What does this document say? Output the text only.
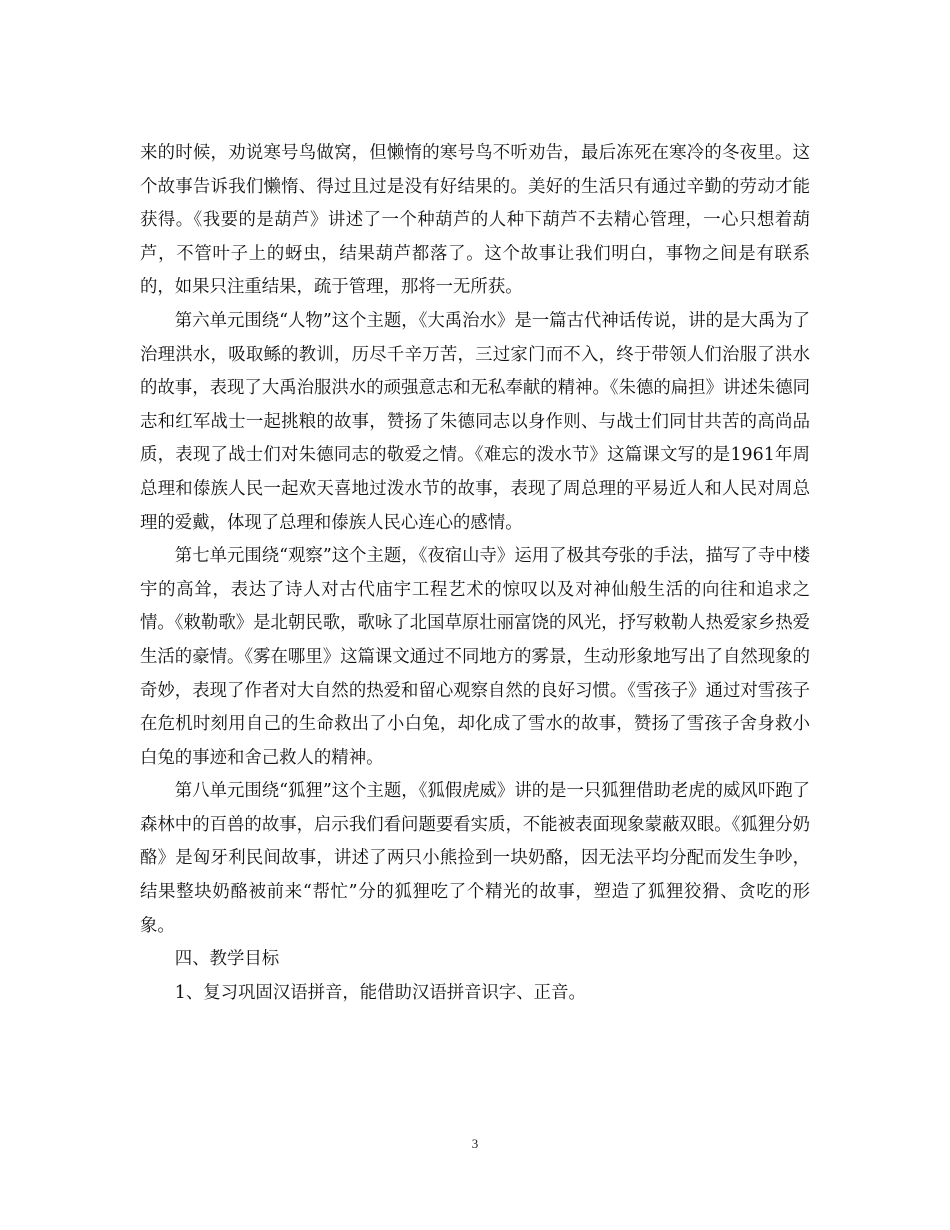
来的时候，劝说寒号鸟做窝，但懒惰的寒号鸟不听劝告，最后冻死在寒冷的冬夜里。这个故事告诉我们懒惰、得过且过是没有好结果的。美好的生活只有通过辛勤的劳动才能获得。《我要的是葫芦》讲述了一个种葫芦的人种下葫芦不去精心管理，一心只想着葫芦，不管叶子上的蚜虫，结果葫芦都落了。这个故事让我们明白，事物之间是有联系的，如果只注重结果，疏于管理，那将一无所获。

第六单元围绕“人物”这个主题，《大禹治水》是一篇古代神话传说，讲的是大禹为了治理洪水，吸取鲧的教训，历尽千辛万苦，三过家门而不入，终于带领人们治服了洪水的故事，表现了大禹治服洪水的顽强意志和无私奉献的精神。《朱德的扁担》讲述朱德同志和红军战士一起挑粮的故事，赞扬了朱德同志以身作则、与战士们同甘共苦的高尚品质，表现了战士们对朱德同志的敬爱之情。《难忘的泼水节》这篇课文写的是1961年周总理和傣族人民一起欢天喜地过泼水节的故事，表现了周总理的平易近人和人民对周总理的爱戴，体现了总理和傣族人民心连心的感情。

第七单元围绕“观察”这个主题，《夜宿山寺》运用了极其夸张的手法，描写了寺中楼宇的高耸，表达了诗人对古代庙宇工程艺术的惊叹以及对神仙般生活的向往和追求之情。《敕勒歌》是北朝民歌，歌咏了北国草原壮丽富饶的风光，抒写敕勒人热爱家乡热爱生活的豪情。《雾在哪里》这篇课文通过不同地方的雾景，生动形象地写出了自然现象的奇妙，表现了作者对大自然的热爱和留心观察自然的良好习惯。《雪孩子》通过对雪孩子在危机时刻用自己的生命救出了小白兔，却化成了雪水的故事，赞扬了雪孩子舍身救小白兔的事迹和舍己救人的精神。

第八单元围绕“狐狸”这个主题，《狐假虎威》讲的是一只狐狸借助老虎的威风吓跑了森林中的百兽的故事，启示我们看问题要看实质，不能被表面现象蒙蔽双眼。《狐狸分奶酪》是匈牙利民间故事，讲述了两只小熊捡到一块奶酪，因无法平均分配而发生争吵，结果整块奶酪被前来“帮忙”分的狐狸吃了个精光的故事，塑造了狐狸狡猾、贪吃的形象。

四、教学目标

1、复习巩固汉语拼音，能借助汉语拼音识字、正音。

3
